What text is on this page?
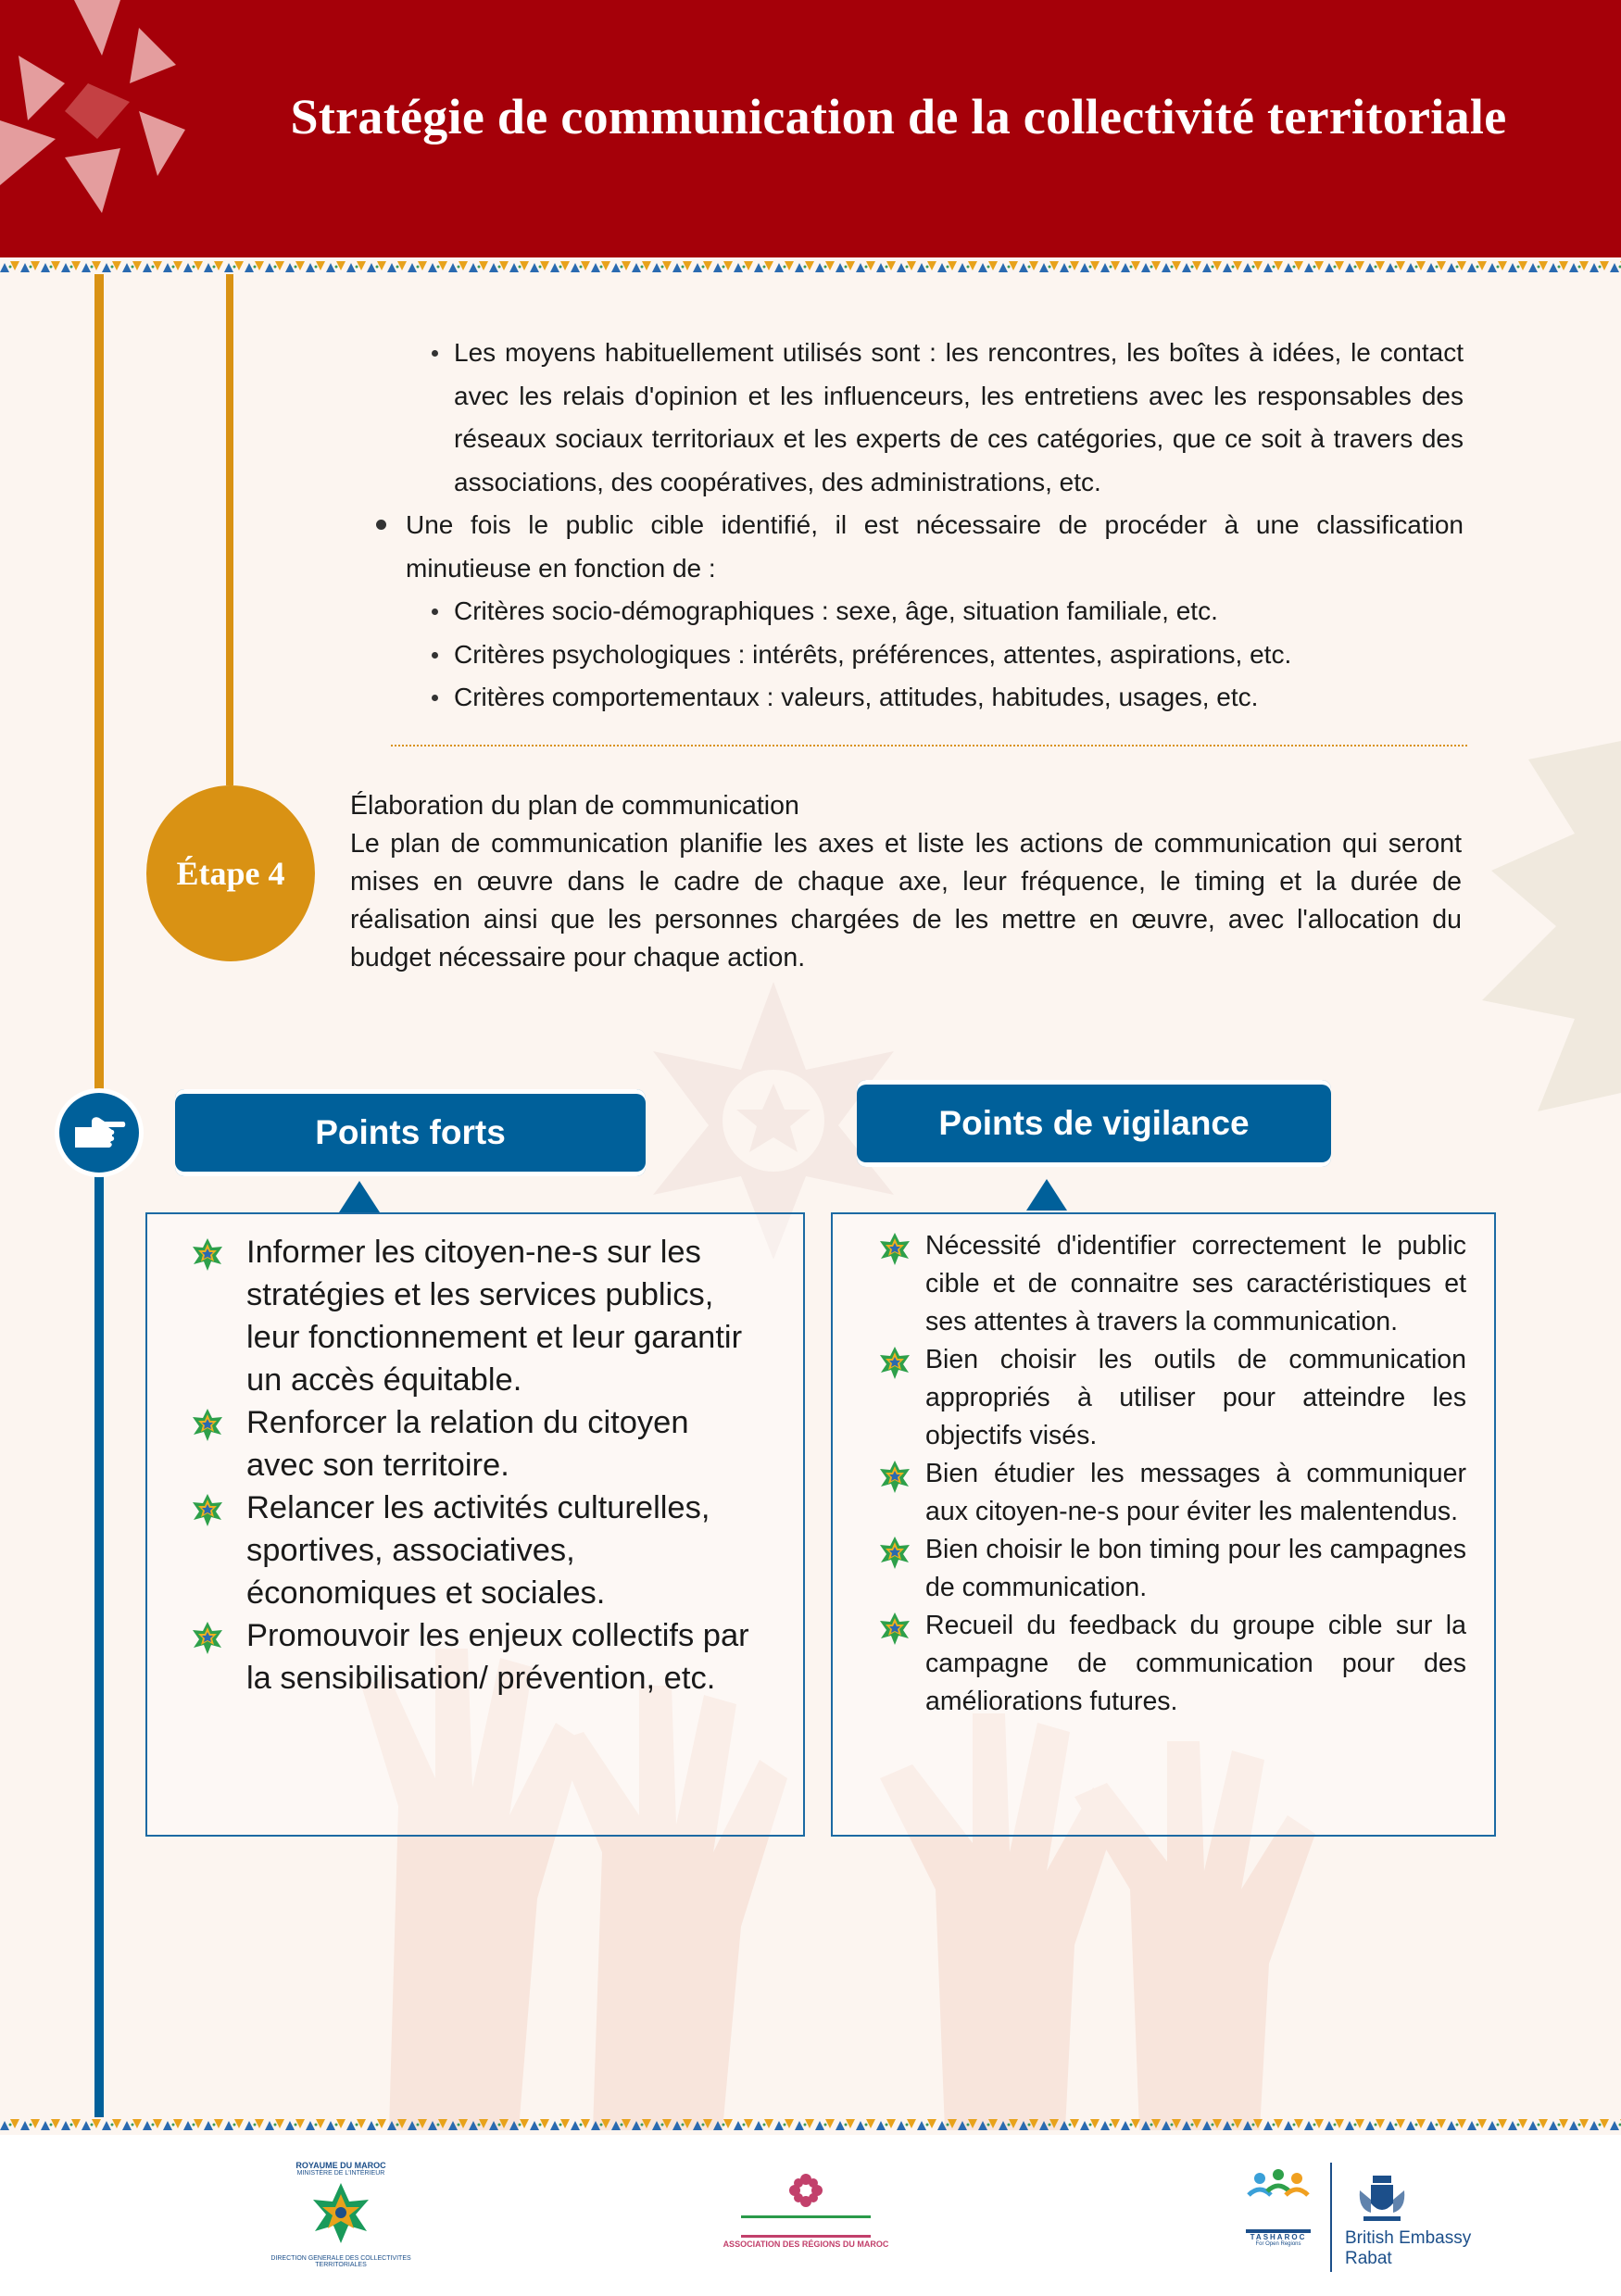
Stratégie de communication de la collectivité territoriale
Les moyens habituellement utilisés sont : les rencontres, les boîtes à idées, le contact avec les relais d'opinion et les influenceurs, les entretiens avec les responsables des réseaux sociaux territoriaux et les experts de ces catégories, que ce soit à travers des associations, des coopératives, des administrations, etc.
Une fois le public cible identifié, il est nécessaire de procéder à une classification minutieuse en fonction de :
Critères socio-démographiques : sexe, âge, situation familiale, etc.
Critères psychologiques : intérêts, préférences, attentes, aspirations, etc.
Critères comportementaux : valeurs, attitudes, habitudes, usages, etc.
Étape 4
Élaboration du plan de communication
Le plan de communication planifie les axes et liste les actions de communication qui seront mises en œuvre dans le cadre de chaque axe, leur fréquence, le timing et la durée de réalisation ainsi que les personnes chargées de les mettre en œuvre, avec l'allocation du budget nécessaire pour chaque action.
Points forts	Points de vigilance
Informer les citoyen-ne-s sur les stratégies et les services publics, leur fonctionnement et leur garantir un accès équitable.
Renforcer la relation du citoyen avec son territoire.
Relancer les activités culturelles, sportives, associatives, économiques et sociales.
Promouvoir les enjeux collectifs par la sensibilisation/ prévention, etc.
Nécessité d'identifier correctement le public cible et de connaitre ses caractéristiques et ses attentes à travers la communication.
Bien choisir les outils de communication appropriés à utiliser pour atteindre les objectifs visés.
Bien étudier les messages à communiquer aux citoyen-ne-s pour éviter les malentendus.
Bien choisir le bon timing pour les campagnes de communication.
Recueil du feedback du groupe cible sur la campagne de communication pour des améliorations futures.
ROYAUME DU MAROC
MINISTÈRE DE L'INTÉRIEUR
DIRECTION GENERALE DES COLLECTIVITES TERRITORIALES
ASSOCIATION DES RÉGIONS DU MAROC
TASHAROC
For Open Regions	British Embassy
Rabat
